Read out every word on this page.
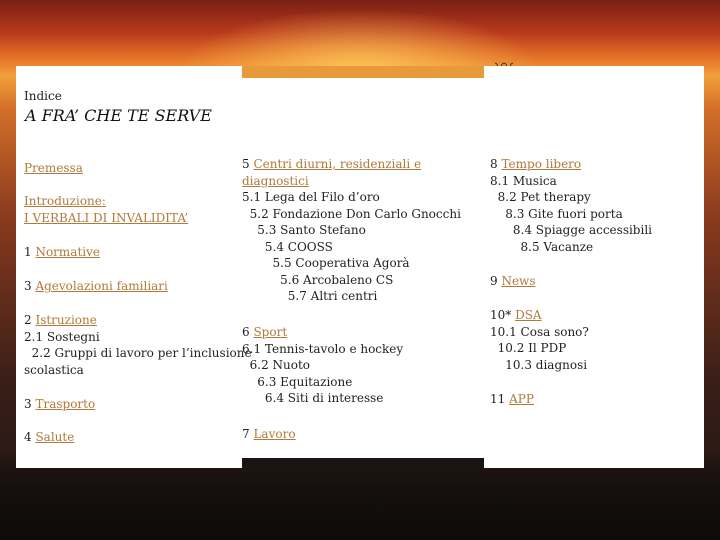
Indice
A FRA’ CHE TE SERVE
Premessa
Introduzione:
I VERBALI DI INVALIDITA’
1 Normative
3 Agevolazioni familiari
2 Istruzione
2.1 Sostegni
2.2 Gruppi di lavoro per l’inclusione
scolastica
3 Trasporto
4 Salute
5 Centri diurni, residenziali e
diagnostici
5.1 Lega del Filo d’oro
5.2 Fondazione Don Carlo Gnocchi
5.3 Santo Stefano
5.4 COOSS
5.5 Cooperativa Agorà
5.6 Arcobaleno CS
5.7 Altri centri
6 Sport
6.1 Tennis-tavolo e hockey
6.2 Nuoto
6.3 Equitazione
6.4 Siti di interesse
7 Lavoro
8 Tempo libero
8.1 Musica
8.2 Pet therapy
8.3 Gite fuori porta
8.4 Spiagge accessibili
8.5 Vacanze
9 News
10* DSA
10.1 Cosa sono?
10.2 Il PDP
10.3 diagnosi
11 APP
